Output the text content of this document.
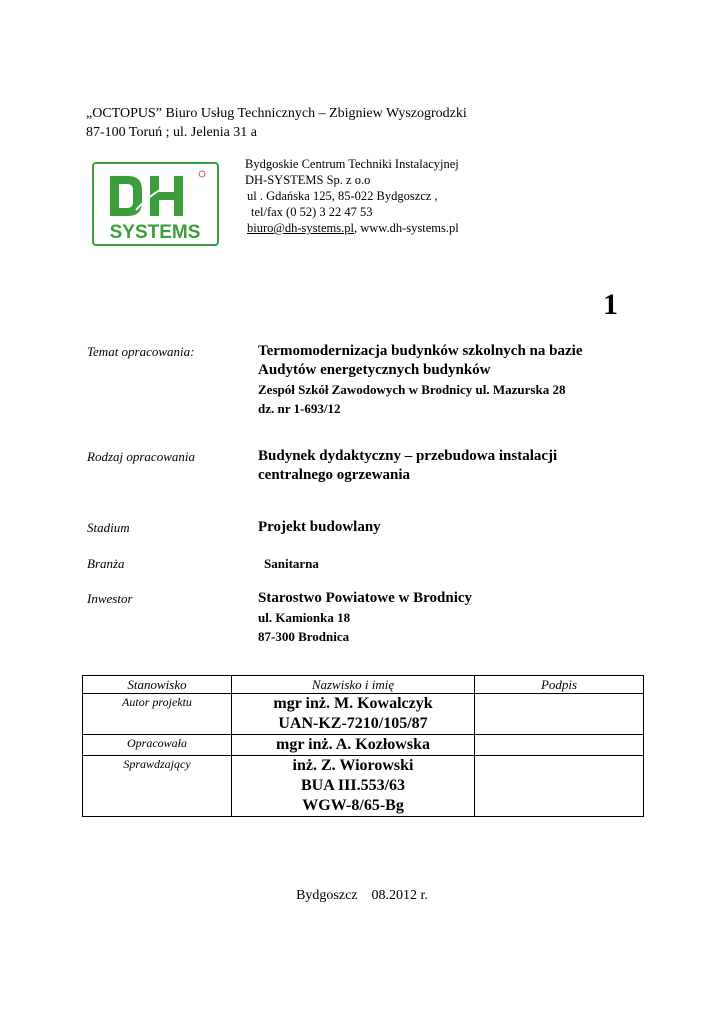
„OCTOPUS” Biuro Usług Technicznych – Zbigniew Wyszogrodzki
87-100 Toruń ; ul. Jelenia 31 a
SYSTEMS
Bydgoskie Centrum Techniki Instalacyjnej
DH-SYSTEMS Sp. z o.o
ul . Gdańska 125, 85-022 Bydgoszcz ,
tel/fax (0 52) 3 22 47 53
biuro@dh-systems.pl, www.dh-systems.pl
1
Temat opracowania:	Termomodernizacja budynków szkolnych na bazie
Audytów energetycznych budynków
Zespół Szkół Zawodowych w Brodnicy ul. Mazurska 28
dz. nr 1-693/12
Rodzaj opracowania	Budynek dydaktyczny – przebudowa instalacji
centralnego ogrzewania
Stadium	Projekt budowlany
Branża	Sanitarna
Inwestor	Starostwo Powiatowe w Brodnicy
ul. Kamionka 18
87-300 Brodnica
Stanowisko	Nazwisko i imię	Podpis
Autor projektu	mgr inż. M. Kowalczyk
UAN-KZ-7210/105/87	

Opracowała	mgr inż. A. Kozłowska	

Sprawdzający	inż. Z. Wiorowski
BUA III.553/63
WGW-8/65-Bg	

Bydgoszcz    08.2012 r.
